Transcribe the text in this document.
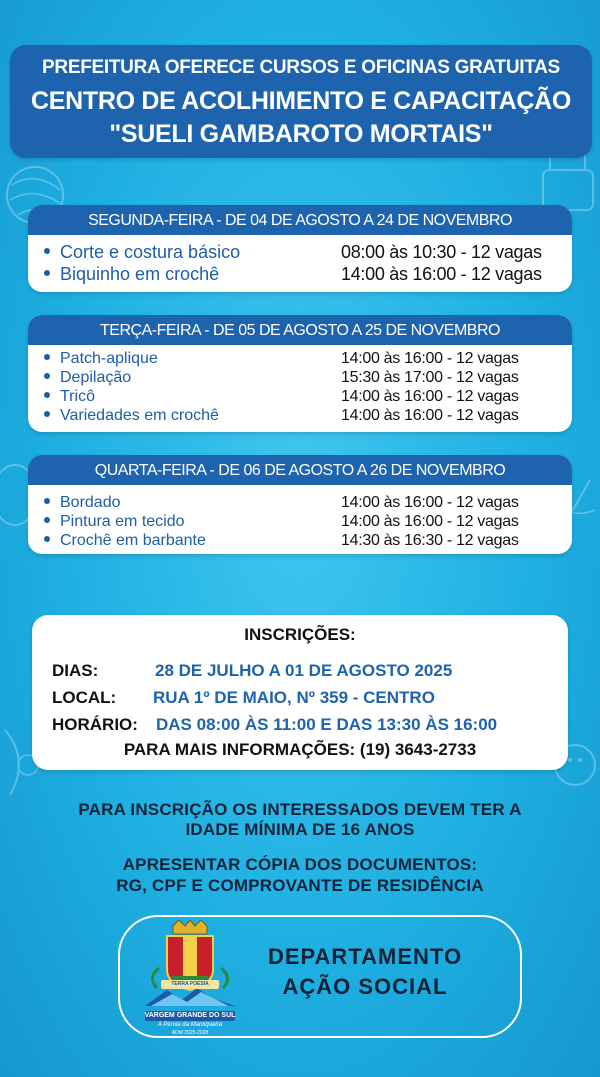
PREFEITURA OFERECE CURSOS E OFICINAS GRATUITAS
CENTRO DE ACOLHIMENTO E CAPACITAÇÃO
"SUELI GAMBAROTO MORTAIS"
SEGUNDA-FEIRA - DE 04 DE AGOSTO A 24 DE NOVEMBRO
Corte e costura básico	08:00 às 10:30 - 12 vagas
Biquinho em crochê	14:00 às 16:00 - 12 vagas
TERÇA-FEIRA - DE 05 DE AGOSTO A 25 DE NOVEMBRO
Patch-aplique	14:00 às 16:00 - 12 vagas
Depilação	15:30 às 17:00 - 12 vagas
Tricô	14:00 às 16:00 - 12 vagas
Variedades em crochê	14:00 às 16:00 - 12 vagas
QUARTA-FEIRA - DE 06 DE AGOSTO A 26 DE NOVEMBRO
Bordado	14:00 às 16:00 - 12 vagas
Pintura em tecido	14:00 às 16:00 - 12 vagas
Crochê em barbante	14:30 às 16:30 - 12 vagas
INSCRIÇÕES:
DIAS:	28 DE JULHO A 01 DE AGOSTO 2025
LOCAL: RUA 1º DE MAIO, Nº 359 - CENTRO
HORÁRIO: DAS 08:00 ÀS 11:00 E DAS 13:30 ÀS 16:00
PARA MAIS INFORMAÇÕES: (19) 3643-2733
PARA INSCRIÇÃO OS INTERESSADOS DEVEM TER A
IDADE MÍNIMA DE 16 ANOS
APRESENTAR CÓPIA DOS DOCUMENTOS:
RG, CPF E COMPROVANTE DE RESIDÊNCIA
DEPARTAMENTO
AÇÃO SOCIAL
TERRA POESIA
VARGEM GRANDE DO SUL
A Pérola da Mantiqueira
ADM 2025-2028
